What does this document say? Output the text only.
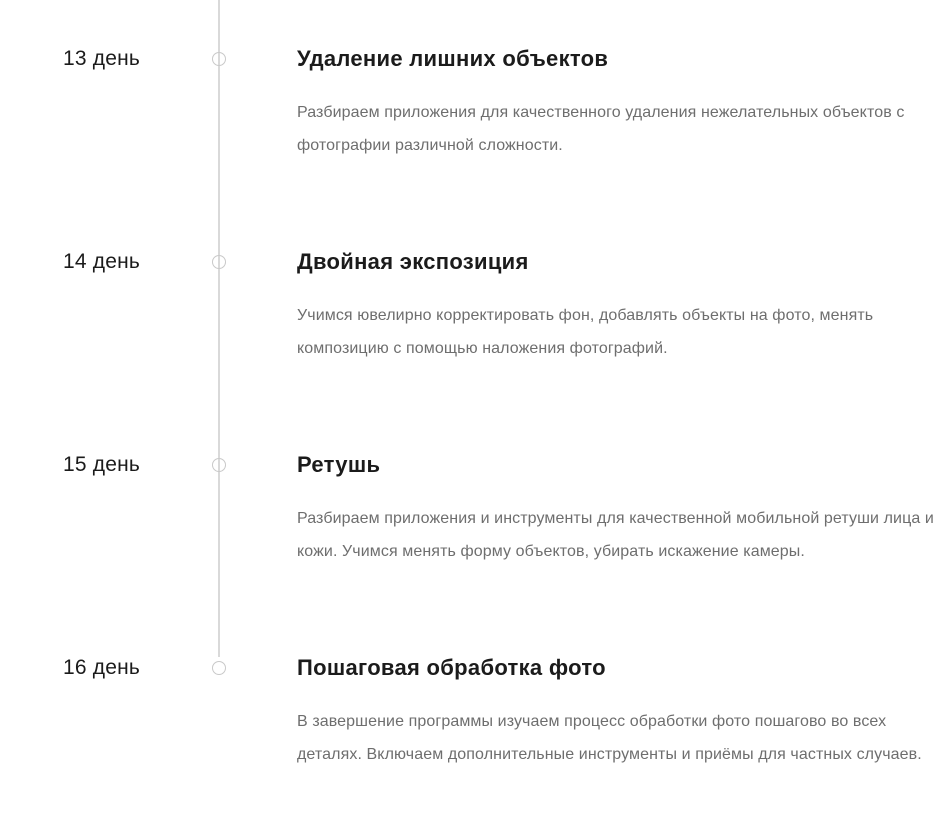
13 день	Удаление лишних объектов
Разбираем приложения для качественного удаления нежелательных объектов с
фотографии различной сложности.
14 день	Двойная экспозиция
Учимся ювелирно корректировать фон, добавлять объекты на фото, менять
композицию с помощью наложения фотографий.
15 день	Ретушь
Разбираем приложения и инструменты для качественной мобильной ретуши лица и
кожи. Учимся менять форму объектов, убирать искажение камеры.
16 день	Пошаговая обработка фото
В завершение программы изучаем процесс обработки фото пошагово во всех
деталях. Включаем дополнительные инструменты и приёмы для частных случаев.
